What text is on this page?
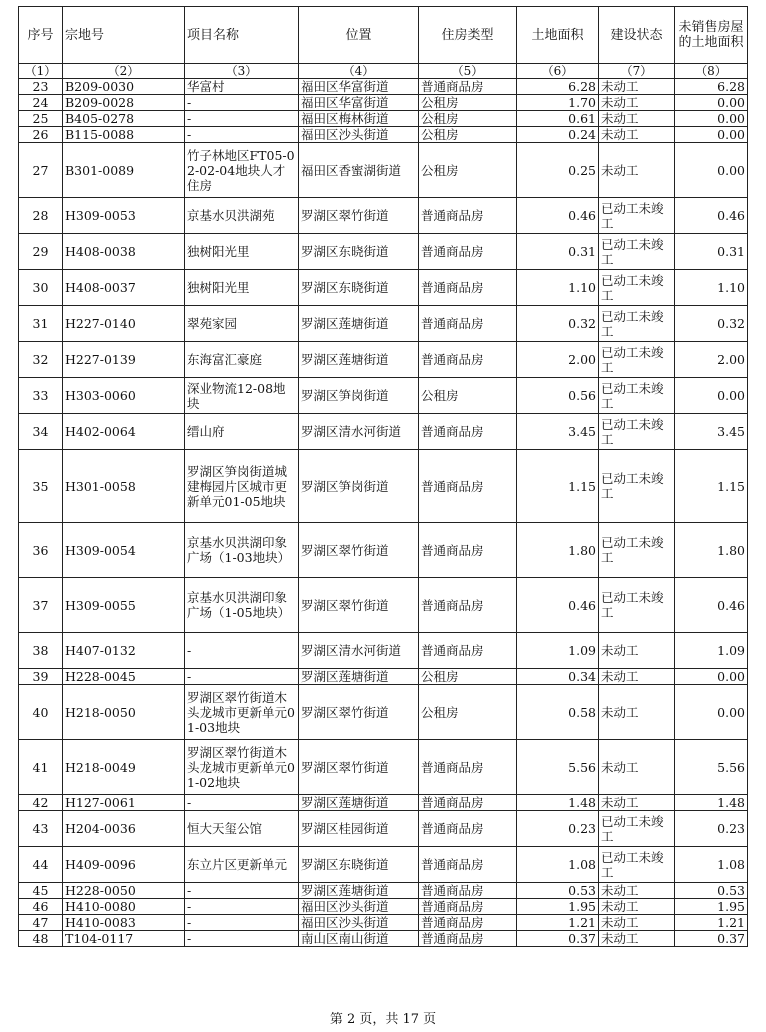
序号	宗地号	项目名称	位置	住房类型	土地面积	建设状态	未销售房屋的土地面积
（1）	（2）	（3）	（4）	（5）	（6）	（7）	（8）
23	B209-0030	华富村	福田区华富街道	普通商品房	6.28	未动工	6.28
24	B209-0028	-	福田区华富街道	公租房	1.70	未动工	0.00
25	B405-0278	-	福田区梅林街道	公租房	0.61	未动工	0.00
26	B115-0088	-	福田区沙头街道	公租房	0.24	未动工	0.00
27	B301-0089	竹子林地区FT05-02-02-04地块人才住房	福田区香蜜湖街道	公租房	0.25	未动工	0.00
28	H309-0053	京基水贝洪湖苑	罗湖区翠竹街道	普通商品房	0.46	已动工未竣工	0.46
29	H408-0038	独树阳光里	罗湖区东晓街道	普通商品房	0.31	已动工未竣工	0.31
30	H408-0037	独树阳光里	罗湖区东晓街道	普通商品房	1.10	已动工未竣工	1.10
31	H227-0140	翠苑家园	罗湖区莲塘街道	普通商品房	0.32	已动工未竣工	0.32
32	H227-0139	东海富汇豪庭	罗湖区莲塘街道	普通商品房	2.00	已动工未竣工	2.00
33	H303-0060	深业物流12-08地块	罗湖区笋岗街道	公租房	0.56	已动工未竣工	0.00
34	H402-0064	缙山府	罗湖区清水河街道	普通商品房	3.45	已动工未竣工	3.45
35	H301-0058	罗湖区笋岗街道城建梅园片区城市更新单元01-05地块	罗湖区笋岗街道	普通商品房	1.15	已动工未竣工	1.15
36	H309-0054	京基水贝洪湖印象广场（1-03地块）	罗湖区翠竹街道	普通商品房	1.80	已动工未竣工	1.80
37	H309-0055	京基水贝洪湖印象广场（1-05地块）	罗湖区翠竹街道	普通商品房	0.46	已动工未竣工	0.46
38	H407-0132	-	罗湖区清水河街道	普通商品房	1.09	未动工	1.09
39	H228-0045	-	罗湖区莲塘街道	公租房	0.34	未动工	0.00
40	H218-0050	罗湖区翠竹街道木头龙城市更新单元01-03地块	罗湖区翠竹街道	公租房	0.58	未动工	0.00
41	H218-0049	罗湖区翠竹街道木头龙城市更新单元01-02地块	罗湖区翠竹街道	普通商品房	5.56	未动工	5.56
42	H127-0061	-	罗湖区莲塘街道	普通商品房	1.48	未动工	1.48
43	H204-0036	恒大天玺公馆	罗湖区桂园街道	普通商品房	0.23	已动工未竣工	0.23
44	H409-0096	东立片区更新单元	罗湖区东晓街道	普通商品房	1.08	已动工未竣工	1.08
45	H228-0050	-	罗湖区莲塘街道	普通商品房	0.53	未动工	0.53
46	H410-0080	-	福田区沙头街道	普通商品房	1.95	未动工	1.95
47	H410-0083	-	福田区沙头街道	普通商品房	1.21	未动工	1.21
48	T104-0117	-	南山区南山街道	普通商品房	0.37	未动工	0.37
第 2 页，共 17 页
